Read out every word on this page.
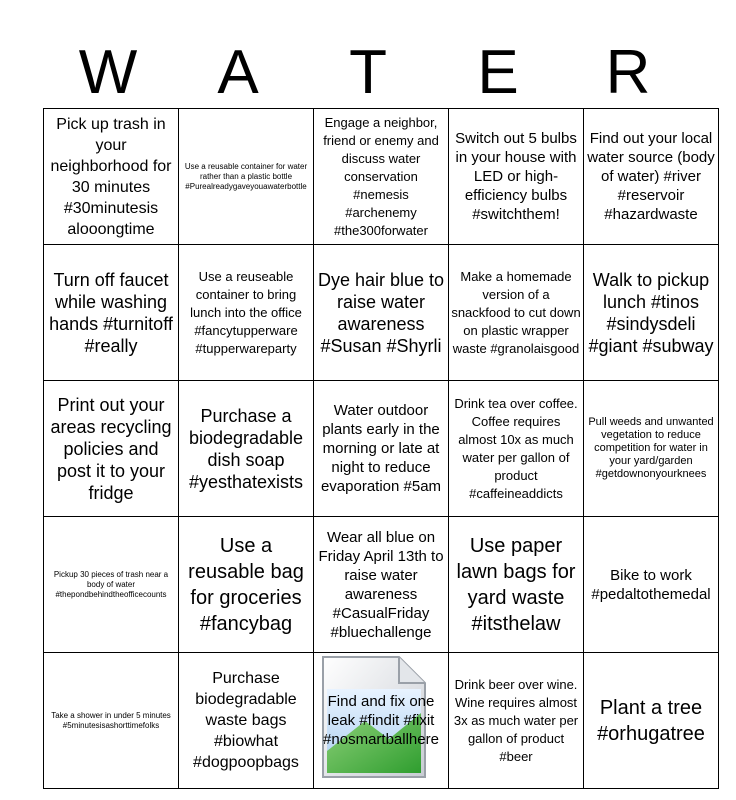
W	A	T	E	R
Pick up trash in your neighborhood for 30 minutes #30minutesis alooongtime	Use a reusable container for water rather than a plastic bottle #Purealreadygaveyouawaterbottle	Engage a neighbor, friend or enemy and discuss water conservation #nemesis #archenemy #the300forwater	Switch out 5 bulbs in your house with LED or high-efficiency bulbs #switchthem!	Find out your local water source (body of water) #river #reservoir #hazardwaste

Turn off faucet while washing hands #turnitoff #really	Use a reuseable container to bring lunch into the office #fancytupperware #tupperwareparty	Dye hair blue to raise water awareness #Susan #Shyrli	Make a homemade version of a snackfood to cut down on plastic wrapper waste #granolaisgood	Walk to pickup lunch #tinos #sindysdeli #giant #subway

Print out your areas recycling policies and post it to your fridge	Purchase a biodegradable dish soap #yesthatexists	Water outdoor plants early in the morning or late at night to reduce evaporation #5am	Drink tea over coffee. Coffee requires almost 10x as much water per gallon of product #caffeineaddicts	Pull weeds and unwanted vegetation to reduce competition for water in your yard/garden #getdownonyourknees

Pickup 30 pieces of trash near a body of water #thepondbehindtheofficecounts	Use a reusable bag for groceries #fancybag	Wear all blue on Friday April 13th to raise water awareness #CasualFriday #bluechallenge	Use paper lawn bags for yard waste #itsthelaw	Bike to work #pedaltothemedal

Take a shower in under 5 minutes #5minutesisashorttimefolks	Purchase biodegradable waste bags #biowhat #dogpoopbags	Find and fix one leak #findit #fixit #nosmartballhere	Drink beer over wine. Wine requires almost 3x as much water per gallon of product #beer	Plant a tree #orhugatree
